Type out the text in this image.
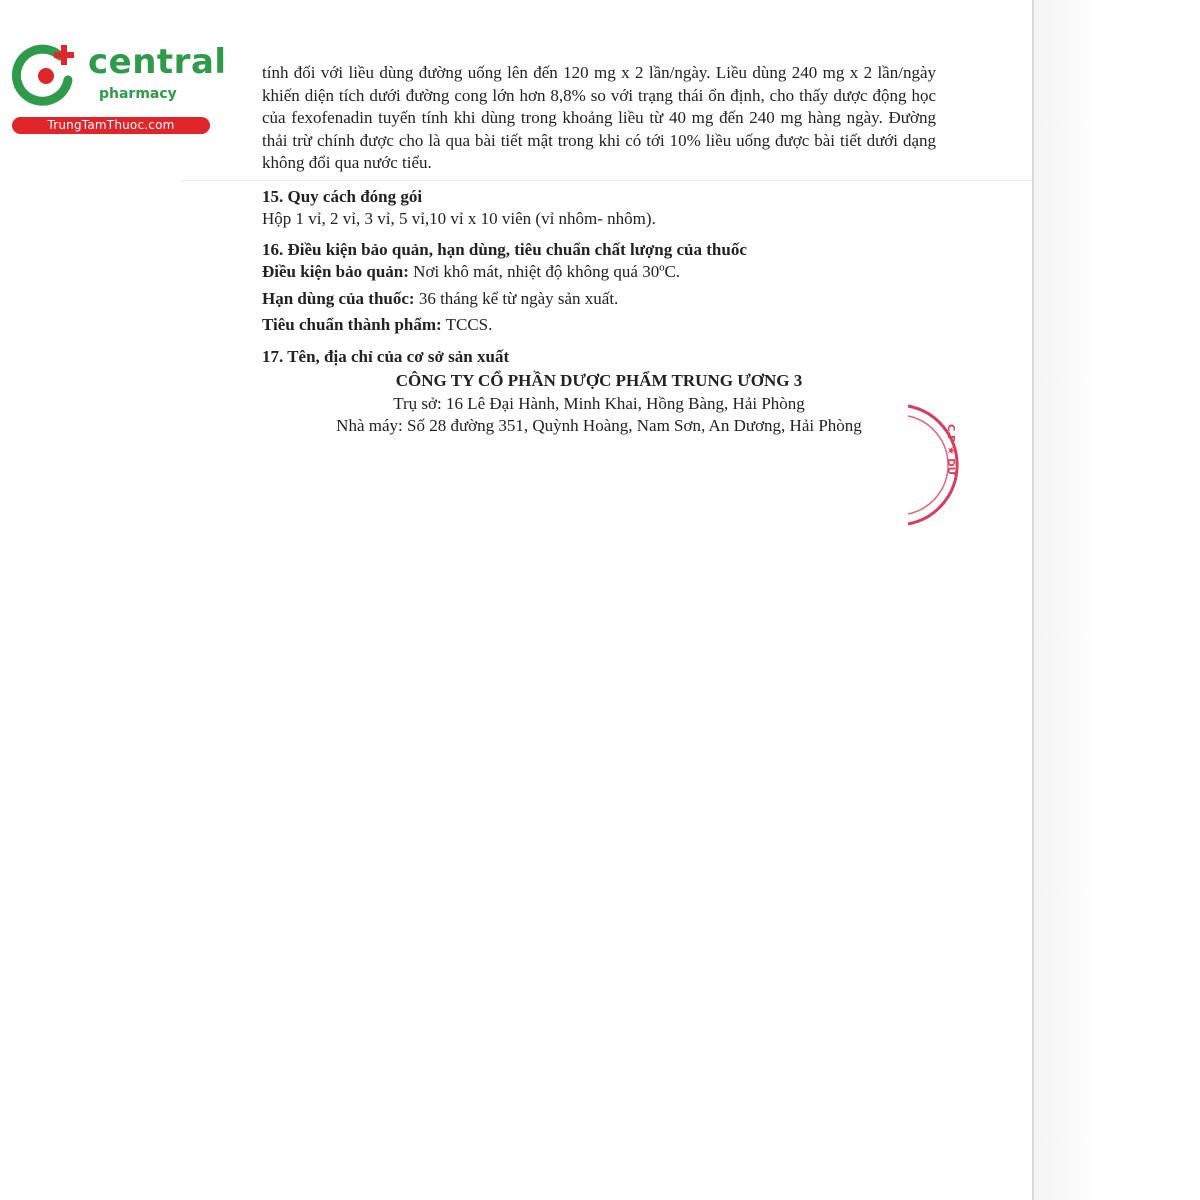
central
pharmacy
TrungTamThuoc.com

tính đối với liều dùng đường uống lên đến 120 mg x 2 lần/ngày. Liều dùng 240 mg x 2 lần/ngày khiến diện tích dưới đường cong lớn hơn 8,8% so với trạng thái ổn định, cho thấy dược động học của fexofenadin tuyến tính khi dùng trong khoảng liều từ 40 mg đến 240 mg hàng ngày. Đường thải trừ chính được cho là qua bài tiết mật trong khi có tới 10% liều uống được bài tiết dưới dạng không đổi qua nước tiểu.

15. Quy cách đóng gói

Hộp 1 vỉ, 2 vỉ, 3 vỉ, 5 vỉ,10 vỉ x 10 viên (vỉ nhôm- nhôm).

16. Điều kiện bảo quản, hạn dùng, tiêu chuẩn chất lượng của thuốc

Điều kiện bảo quản: Nơi khô mát, nhiệt độ không quá 30ºC.

Hạn dùng của thuốc: 36 tháng kể từ ngày sản xuất.

Tiêu chuẩn thành phẩm: TCCS.

17. Tên, địa chỉ của cơ sở sản xuất

CÔNG TY CỔ PHẦN DƯỢC PHẨM TRUNG ƯƠNG 3

Trụ sở: 16 Lê Đại Hành, Minh Khai, Hồng Bàng, Hải Phòng

Nhà máy: Số 28 đường 351, Quỳnh Hoàng, Nam Sơn, An Dương, Hải Phòng	C.P ★ DƯ
